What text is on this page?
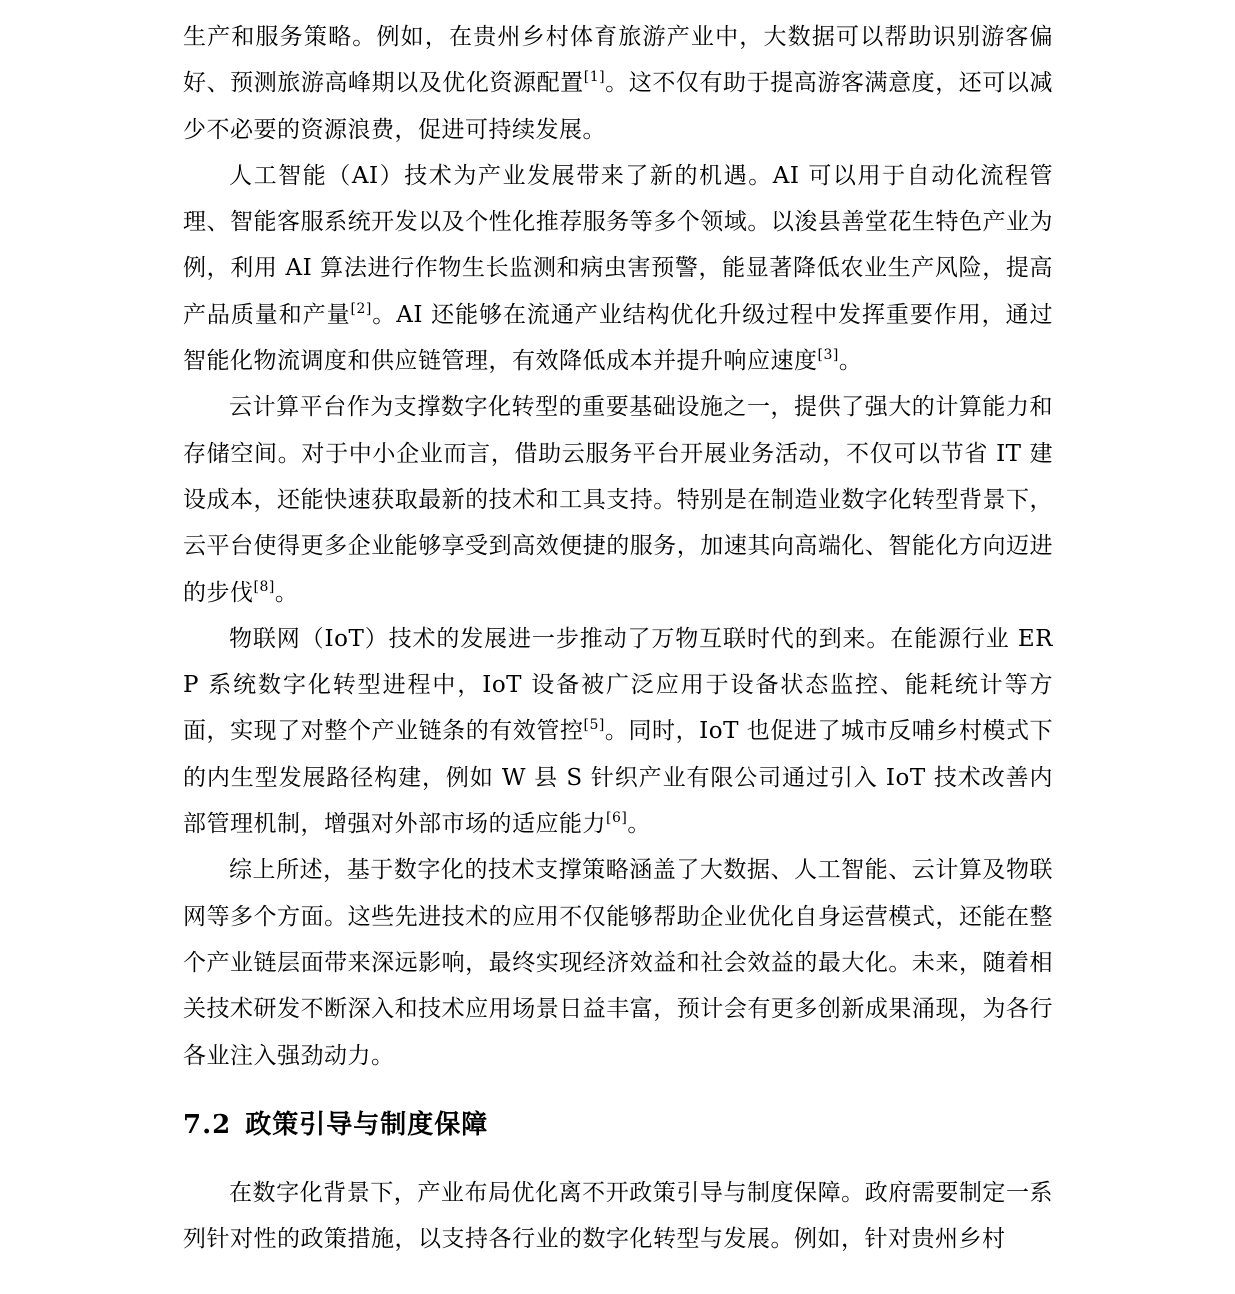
生产和服务策略。例如，在贵州乡村体育旅游产业中，大数据可以帮助识别游客偏好、预测旅游高峰期以及优化资源配置[1]。这不仅有助于提高游客满意度，还可以减少不必要的资源浪费，促进可持续发展。

人工智能（AI）技术为产业发展带来了新的机遇。AI 可以用于自动化流程管理、智能客服系统开发以及个性化推荐服务等多个领域。以浚县善堂花生特色产业为例，利用 AI 算法进行作物生长监测和病虫害预警，能显著降低农业生产风险，提高产品质量和产量[2]。AI 还能够在流通产业结构优化升级过程中发挥重要作用，通过智能化物流调度和供应链管理，有效降低成本并提升响应速度[3]。

云计算平台作为支撑数字化转型的重要基础设施之一，提供了强大的计算能力和存储空间。对于中小企业而言，借助云服务平台开展业务活动，不仅可以节省 IT 建设成本，还能快速获取最新的技术和工具支持。特别是在制造业数字化转型背景下，云平台使得更多企业能够享受到高效便捷的服务，加速其向高端化、智能化方向迈进的步伐[8]。

物联网（IoT）技术的发展进一步推动了万物互联时代的到来。在能源行业 ERP 系统数字化转型进程中，IoT 设备被广泛应用于设备状态监控、能耗统计等方面，实现了对整个产业链条的有效管控[5]。同时，IoT 也促进了城市反哺乡村模式下的内生型发展路径构建，例如 W 县 S 针织产业有限公司通过引入 IoT 技术改善内部管理机制，增强对外部市场的适应能力[6]。

综上所述，基于数字化的技术支撑策略涵盖了大数据、人工智能、云计算及物联网等多个方面。这些先进技术的应用不仅能够帮助企业优化自身运营模式，还能在整个产业链层面带来深远影响，最终实现经济效益和社会效益的最大化。未来，随着相关技术研发不断深入和技术应用场景日益丰富，预计会有更多创新成果涌现，为各行各业注入强劲动力。

7.2 政策引导与制度保障

在数字化背景下，产业布局优化离不开政策引导与制度保障。政府需要制定一系列针对性的政策措施，以支持各行业的数字化转型与发展。例如，针对贵州乡村
